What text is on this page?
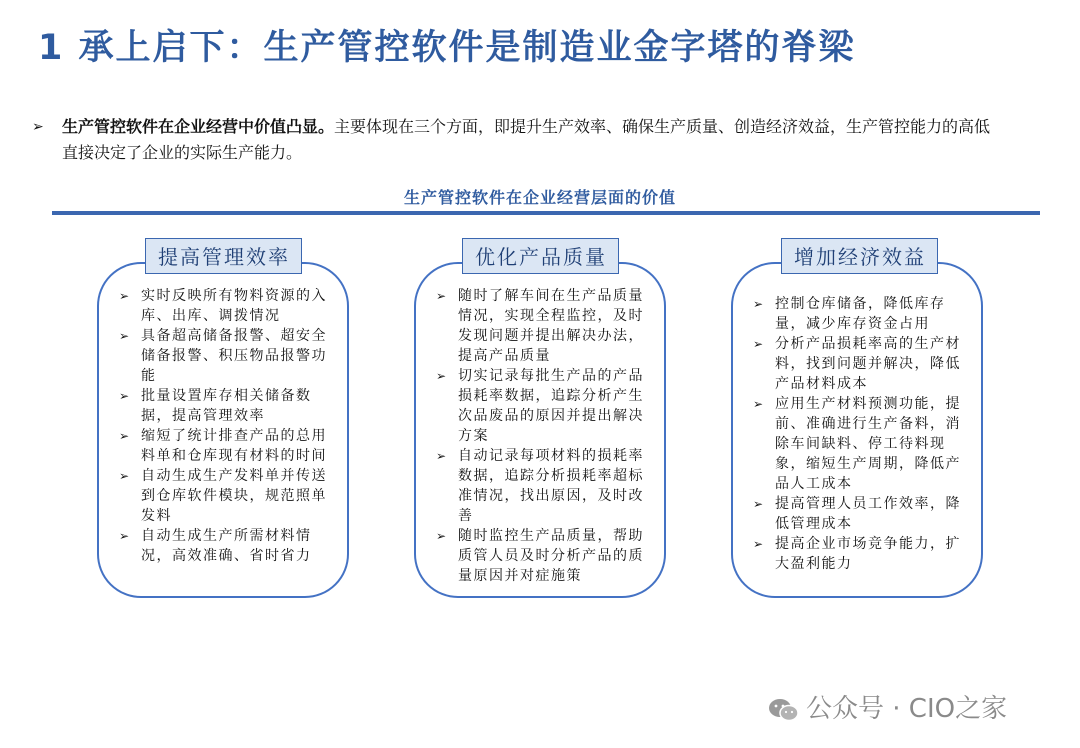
1 承上启下：生产管控软件是制造业金字塔的脊梁
➢	生产管控软件在企业经营中价值凸显。主要体现在三个方面，即提升生产效率、确保生产质量、创造经济效益，生产管控能力的高低直接决定了企业的实际生产能力。
生产管控软件在企业经营层面的价值
➢ 实时反映所有物料资源的入库、出库、调拨情况
➢ 具备超高储备报警、超安全储备报警、积压物品报警功能
➢ 批量设置库存相关储备数据，提高管理效率
➢ 缩短了统计排查产品的总用料单和仓库现有材料的时间
➢ 自动生成生产发料单并传送到仓库软件模块，规范照单发料
➢ 自动生成生产所需材料情况，高效准确、省时省力
提高管理效率
➢ 随时了解车间在生产品质量情况，实现全程监控，及时发现问题并提出解决办法，提高产品质量
➢ 切实记录每批生产品的产品损耗率数据，追踪分析产生次品废品的原因并提出解决方案
➢ 自动记录每项材料的损耗率数据，追踪分析损耗率超标准情况，找出原因，及时改善
➢ 随时监控生产品质量，帮助质管人员及时分析产品的质量原因并对症施策
优化产品质量
➢ 控制仓库储备，降低库存量，减少库存资金占用
➢ 分析产品损耗率高的生产材料，找到问题并解决，降低产品材料成本
➢ 应用生产材料预测功能，提前、准确进行生产备料，消除车间缺料、停工待料现象，缩短生产周期，降低产品人工成本
➢ 提高管理人员工作效率，降低管理成本
➢ 提高企业市场竞争能力，扩大盈利能力
增加经济效益
公众号 · CIO之家
